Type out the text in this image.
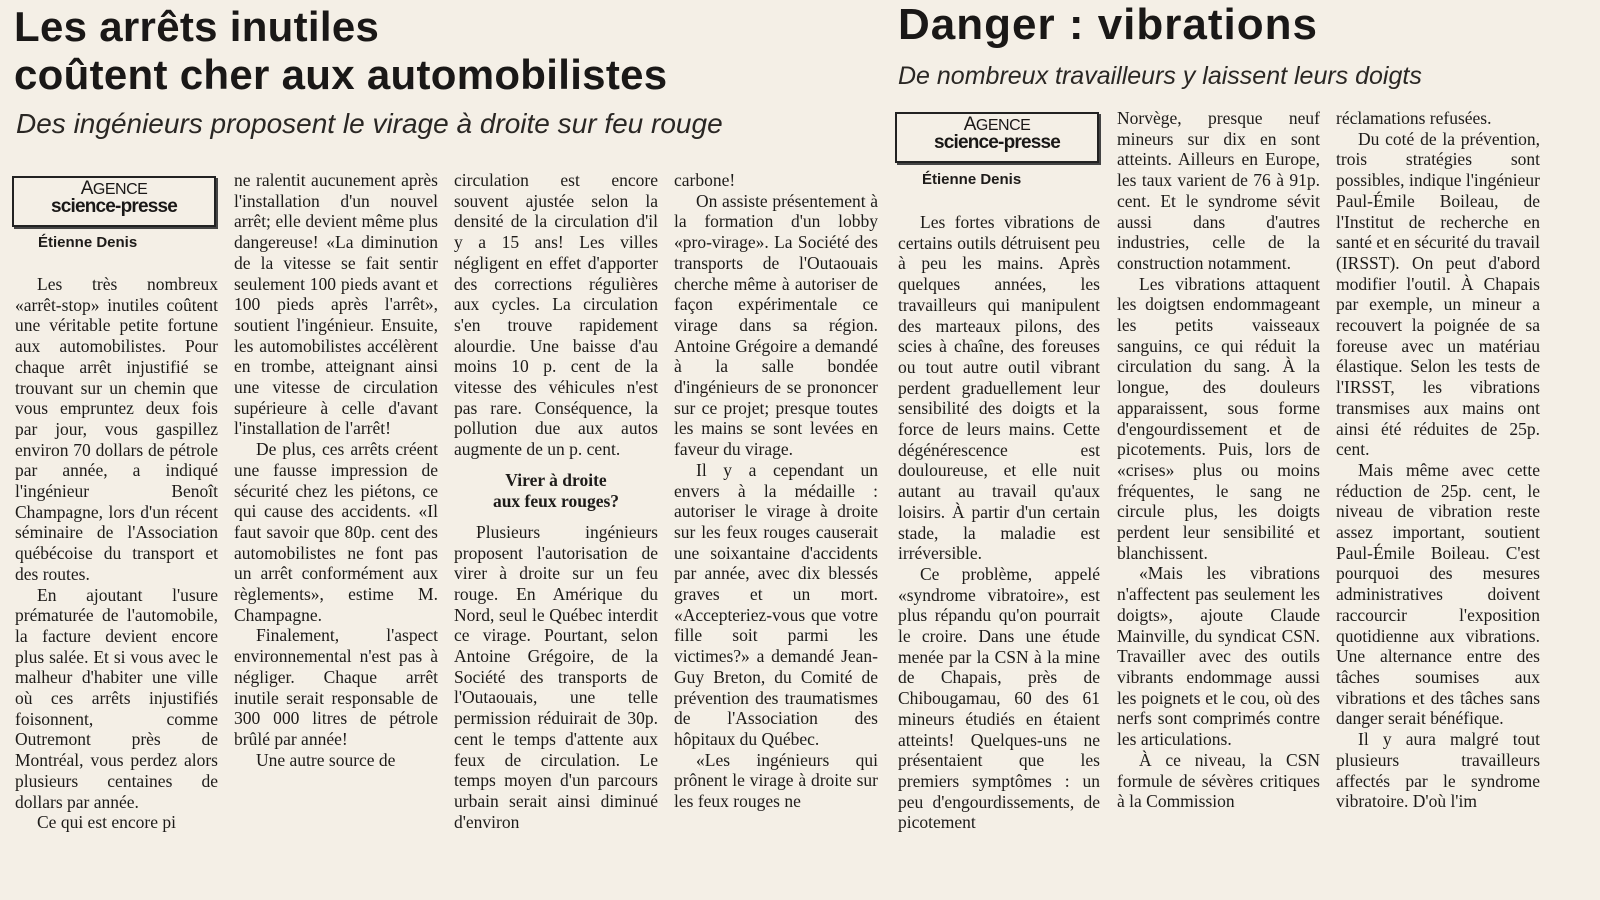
Les arrêts inutiles
coûtent cher aux automobilistes
Des ingénieurs proposent le virage à droite sur feu rouge
AGENCE
science-presse
Étienne Denis

Les très nombreux «arrêt-stop» inutiles coûtent une véritable petite fortune aux automobilistes. Pour chaque arrêt injustifié se trouvant sur un chemin que vous empruntez deux fois par jour, vous gaspillez environ 70 dollars de pétrole par année, a indiqué l'ingénieur Benoît Champagne, lors d'un récent séminaire de l'Association québécoise du transport et des routes.

En ajoutant l'usure prématurée de l'automobile, la facture devient encore plus salée. Et si vous avec le malheur d'habiter une ville où ces arrêts injustifiés foisonnent, comme Outremont près de Montréal, vous perdez alors plusieurs centaines de dollars par année.

Ce qui est encore pi

ne ralentit aucunement après l'installation d'un nouvel arrêt; elle devient même plus dangereuse! «La diminution de la vitesse se fait sentir seulement 100 pieds avant et 100 pieds après l'arrêt», soutient l'ingénieur. Ensuite, les automobilistes accélèrent en trombe, atteignant ainsi une vitesse de circulation supérieure à celle d'avant l'installation de l'arrêt!

De plus, ces arrêts créent une fausse impression de sécurité chez les piétons, ce qui cause des accidents. «Il faut savoir que 80p. cent des automobilistes ne font pas un arrêt conformément aux règlements», estime M. Champagne.

Finalement, l'aspect environnemental n'est pas à négliger. Chaque arrêt inutile serait responsable de 300 000 litres de pétrole brûlé par année!

Une autre source de

circulation est encore souvent ajustée selon la densité de la circulation d'il y a 15 ans! Les villes négligent en effet d'apporter des corrections régulières aux cycles. La circulation s'en trouve rapidement alourdie. Une baisse d'au moins 10 p. cent de la vitesse des véhicules n'est pas rare. Conséquence, la pollution due aux autos augmente de un p. cent.

Virer à droite
aux feux rouges?

Plusieurs ingénieurs proposent l'autorisation de virer à droite sur un feu rouge. En Amérique du Nord, seul le Québec interdit ce virage. Pourtant, selon Antoine Grégoire, de la Société des transports de l'Outaouais, une telle permission réduirait de 30p. cent le temps d'attente aux feux de circulation. Le temps moyen d'un parcours urbain serait ainsi diminué d'environ

carbone!

On assiste présentement à la formation d'un lobby «pro-virage». La Société des transports de l'Outaouais cherche même à autoriser de façon expérimentale ce virage dans sa région. Antoine Grégoire a demandé à la salle bondée d'ingénieurs de se prononcer sur ce projet; presque toutes les mains se sont levées en faveur du virage.

Il y a cependant un envers à la médaille : autoriser le virage à droite sur les feux rouges causerait une soixantaine d'accidents par année, avec dix blessés graves et un mort. «Accepteriez-vous que votre fille soit parmi les victimes?» a demandé Jean-Guy Breton, du Comité de prévention des traumatismes de l'Association des hôpitaux du Québec.

«Les ingénieurs qui prônent le virage à droite sur les feux rouges ne

Danger : vibrations
De nombreux travailleurs y laissent leurs doigts
AGENCE
science-presse
Étienne Denis

Les fortes vibrations de certains outils détruisent peu à peu les mains. Après quelques années, les travailleurs qui manipulent des marteaux pilons, des scies à chaîne, des foreuses ou tout autre outil vibrant perdent graduellement leur sensibilité des doigts et la force de leurs mains. Cette dégénérescence est douloureuse, et elle nuit autant au travail qu'aux loisirs. À partir d'un certain stade, la maladie est irréversible.

Ce problème, appelé «syndrome vibratoire», est plus répandu qu'on pourrait le croire. Dans une étude menée par la CSN à la mine de Chapais, près de Chibougamau, 60 des 61 mineurs étudiés en étaient atteints! Quelques-uns ne présentaient que les premiers symptômes : un peu d'engourdissements, de picotement

Norvège, presque neuf mineurs sur dix en sont atteints. Ailleurs en Europe, les taux varient de 76 à 91p. cent. Et le syndrome sévit aussi dans d'autres industries, celle de la construction notamment.

Les vibrations attaquent les doigtsen endommageant les petits vaisseaux sanguins, ce qui réduit la circulation du sang. À la longue, des douleurs apparaissent, sous forme d'engourdissement et de picotements. Puis, lors de «crises» plus ou moins fréquentes, le sang ne circule plus, les doigts perdent leur sensibilité et blanchissent.

«Mais les vibrations n'affectent pas seulement les doigts», ajoute Claude Mainville, du syndicat CSN. Travailler avec des outils vibrants endommage aussi les poignets et le cou, où des nerfs sont comprimés contre les articulations.

À ce niveau, la CSN formule de sévères critiques à la Commission

réclamations refusées.

Du coté de la prévention, trois stratégies sont possibles, indique l'ingénieur Paul-Émile Boileau, de l'Institut de recherche en santé et en sécurité du travail (IRSST). On peut d'abord modifier l'outil. À Chapais par exemple, un mineur a recouvert la poignée de sa foreuse avec un matériau élastique. Selon les tests de l'IRSST, les vibrations transmises aux mains ont ainsi été réduites de 25p. cent.

Mais même avec cette réduction de 25p. cent, le niveau de vibration reste assez important, soutient Paul-Émile Boileau. C'est pourquoi des mesures administratives doivent raccourcir l'exposition quotidienne aux vibrations. Une alternance entre des tâches soumises aux vibrations et des tâches sans danger serait bénéfique.

Il y aura malgré tout plusieurs travailleurs affectés par le syndrome vibratoire. D'où l'im
